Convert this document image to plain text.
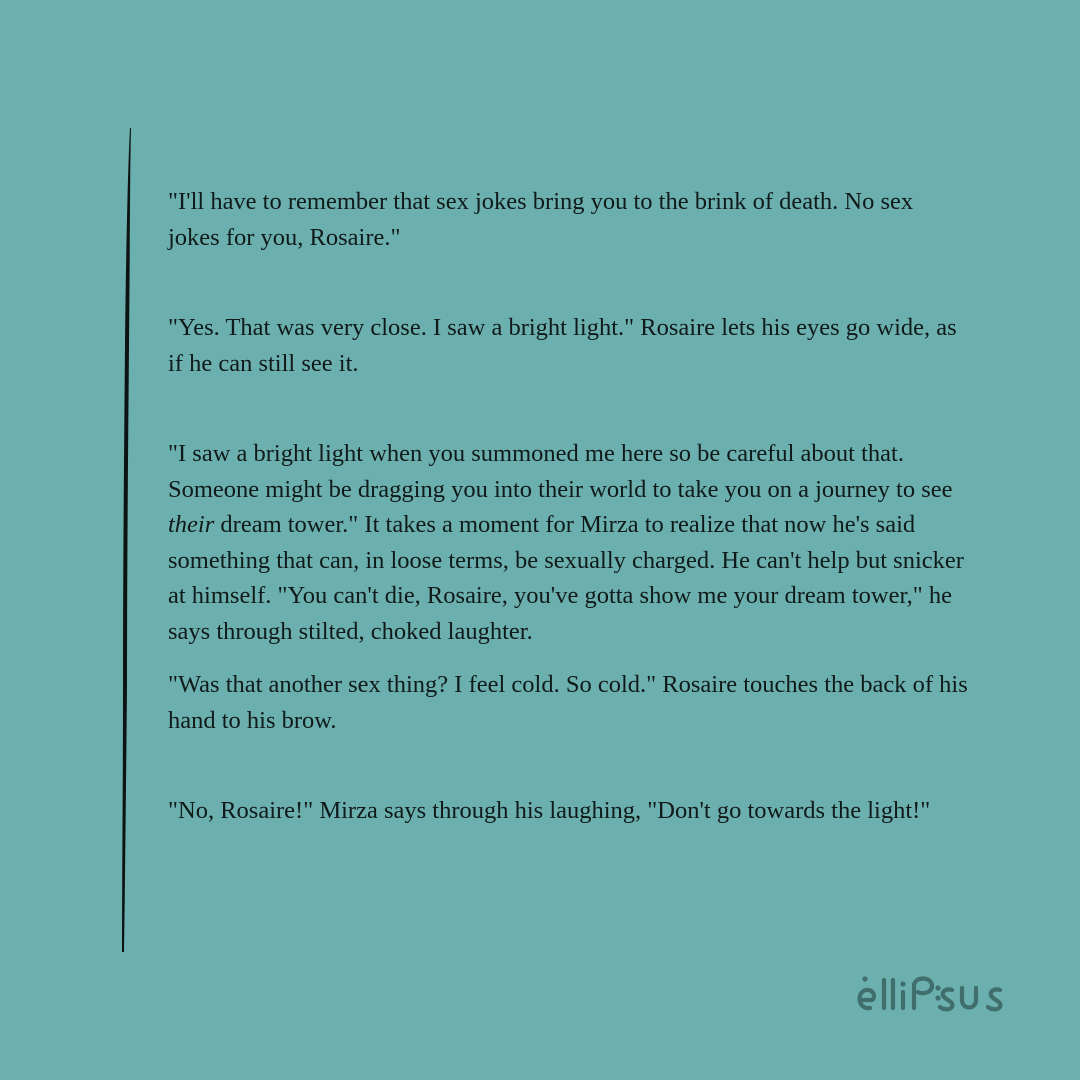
"I'll have to remember that sex jokes bring you to the brink of death. No sex jokes for you, Rosaire."

"Yes. That was very close. I saw a bright light." Rosaire lets his eyes go wide, as if he can still see it.

"I saw a bright light when you summoned me here so be careful about that. Someone might be dragging you into their world to take you on a journey to see their dream tower." It takes a moment for Mirza to realize that now he's said something that can, in loose terms, be sexually charged. He can't help but snicker at himself. "You can't die, Rosaire, you've gotta show me your dream tower," he says through stilted, choked laughter.

"Was that another sex thing? I feel cold. So cold." Rosaire touches the back of his hand to his brow.

"No, Rosaire!" Mirza says through his laughing, "Don't go towards the light!"
